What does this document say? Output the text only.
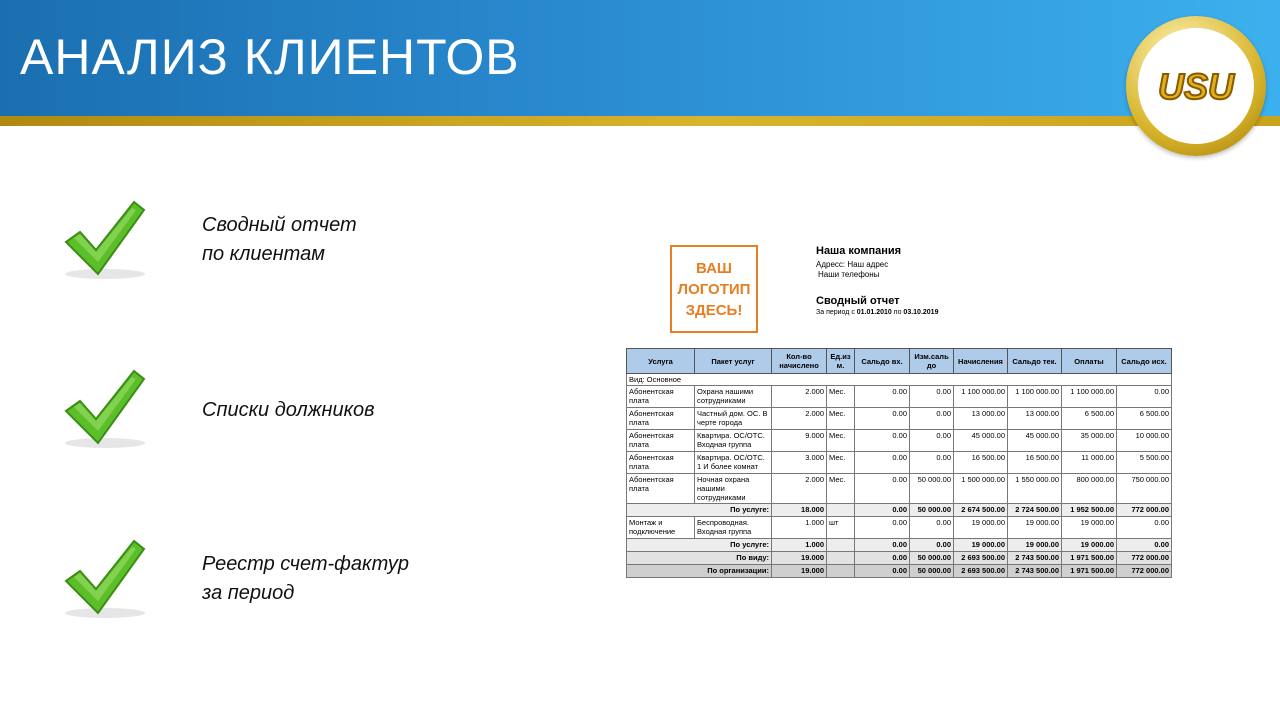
АНАЛИЗ КЛИЕНТОВ
USU
Сводный отчет
по клиентам
Списки должников
Реестр счет-фактур
за период
ВАШ
ЛОГОТИП
ЗДЕСЬ!
Наша компания
Адресс: Наш адрес
Наши телефоны
Сводный отчет
За период с 01.01.2010 по 03.10.2019
Услуга	Пакет услуг	Кол-во начислено	Ед.из м.	Сальдо вх.	Изм.саль до	Начисления	Сальдо тек.	Оплаты	Сальдо исх.
Вид: Основное									
Абонентская плата	Охрана нашими сотрудниками	2.000	Мес.	0.00	0.00	1 100 000.00	1 100 000.00	1 100 000.00	0.00
Абонентская плата	Частный дом. ОС. В черте города	2.000	Мес.	0.00	0.00	13 000.00	13 000.00	6 500.00	6 500.00
Абонентская плата	Квартира. ОС/ОТС. Входная группа	9.000	Мес.	0.00	0.00	45 000.00	45 000.00	35 000.00	10 000.00
Абонентская плата	Квартира. ОС/ОТС. 1 И более комнат	3.000	Мес.	0.00	0.00	16 500.00	16 500.00	11 000.00	5 500.00
Абонентская плата	Ночная охрана нашими сотрудниками	2.000	Мес.	0.00	50 000.00	1 500 000.00	1 550 000.00	800 000.00	750 000.00
По услуге:		18.000		0.00	50 000.00	2 674 500.00	2 724 500.00	1 952 500.00	772 000.00
Монтаж и подключение	Беспроводная. Входная группа	1.000	шт	0.00	0.00	19 000.00	19 000.00	19 000.00	0.00
По услуге:		1.000		0.00	0.00	19 000.00	19 000.00	19 000.00	0.00
По виду:		19.000		0.00	50 000.00	2 693 500.00	2 743 500.00	1 971 500.00	772 000.00
По организации:		19.000		0.00	50 000.00	2 693 500.00	2 743 500.00	1 971 500.00	772 000.00
